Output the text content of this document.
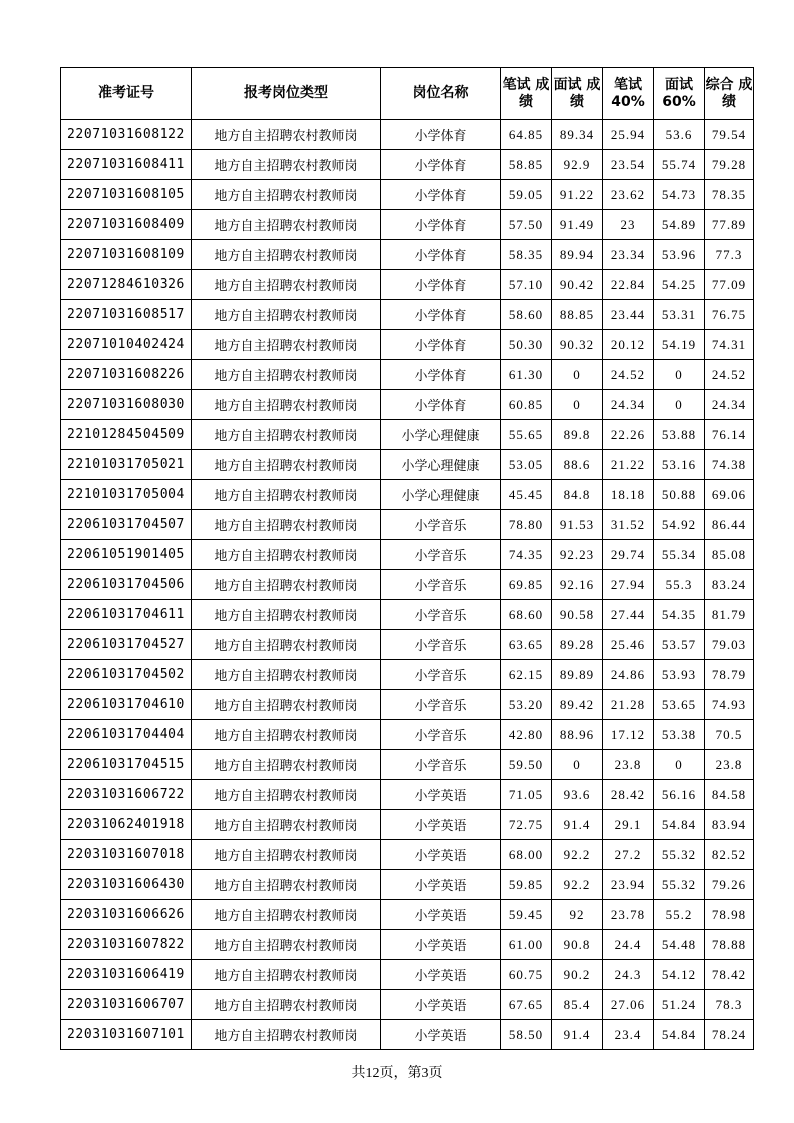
准考证号	报考岗位类型	岗位名称	笔试 成绩	面试 成绩	笔试 40%	面试 60%	综合 成绩
22071031608122	地方自主招聘农村教师岗	小学体育	64.85	89.34	25.94	53.6	79.54
22071031608411	地方自主招聘农村教师岗	小学体育	58.85	92.9	23.54	55.74	79.28
22071031608105	地方自主招聘农村教师岗	小学体育	59.05	91.22	23.62	54.73	78.35
22071031608409	地方自主招聘农村教师岗	小学体育	57.50	91.49	23	54.89	77.89
22071031608109	地方自主招聘农村教师岗	小学体育	58.35	89.94	23.34	53.96	77.3
22071284610326	地方自主招聘农村教师岗	小学体育	57.10	90.42	22.84	54.25	77.09
22071031608517	地方自主招聘农村教师岗	小学体育	58.60	88.85	23.44	53.31	76.75
22071010402424	地方自主招聘农村教师岗	小学体育	50.30	90.32	20.12	54.19	74.31
22071031608226	地方自主招聘农村教师岗	小学体育	61.30	0	24.52	0	24.52
22071031608030	地方自主招聘农村教师岗	小学体育	60.85	0	24.34	0	24.34
22101284504509	地方自主招聘农村教师岗	小学心理健康	55.65	89.8	22.26	53.88	76.14
22101031705021	地方自主招聘农村教师岗	小学心理健康	53.05	88.6	21.22	53.16	74.38
22101031705004	地方自主招聘农村教师岗	小学心理健康	45.45	84.8	18.18	50.88	69.06
22061031704507	地方自主招聘农村教师岗	小学音乐	78.80	91.53	31.52	54.92	86.44
22061051901405	地方自主招聘农村教师岗	小学音乐	74.35	92.23	29.74	55.34	85.08
22061031704506	地方自主招聘农村教师岗	小学音乐	69.85	92.16	27.94	55.3	83.24
22061031704611	地方自主招聘农村教师岗	小学音乐	68.60	90.58	27.44	54.35	81.79
22061031704527	地方自主招聘农村教师岗	小学音乐	63.65	89.28	25.46	53.57	79.03
22061031704502	地方自主招聘农村教师岗	小学音乐	62.15	89.89	24.86	53.93	78.79
22061031704610	地方自主招聘农村教师岗	小学音乐	53.20	89.42	21.28	53.65	74.93
22061031704404	地方自主招聘农村教师岗	小学音乐	42.80	88.96	17.12	53.38	70.5
22061031704515	地方自主招聘农村教师岗	小学音乐	59.50	0	23.8	0	23.8
22031031606722	地方自主招聘农村教师岗	小学英语	71.05	93.6	28.42	56.16	84.58
22031062401918	地方自主招聘农村教师岗	小学英语	72.75	91.4	29.1	54.84	83.94
22031031607018	地方自主招聘农村教师岗	小学英语	68.00	92.2	27.2	55.32	82.52
22031031606430	地方自主招聘农村教师岗	小学英语	59.85	92.2	23.94	55.32	79.26
22031031606626	地方自主招聘农村教师岗	小学英语	59.45	92	23.78	55.2	78.98
22031031607822	地方自主招聘农村教师岗	小学英语	61.00	90.8	24.4	54.48	78.88
22031031606419	地方自主招聘农村教师岗	小学英语	60.75	90.2	24.3	54.12	78.42
22031031606707	地方自主招聘农村教师岗	小学英语	67.65	85.4	27.06	51.24	78.3
22031031607101	地方自主招聘农村教师岗	小学英语	58.50	91.4	23.4	54.84	78.24
共12页，第3页
